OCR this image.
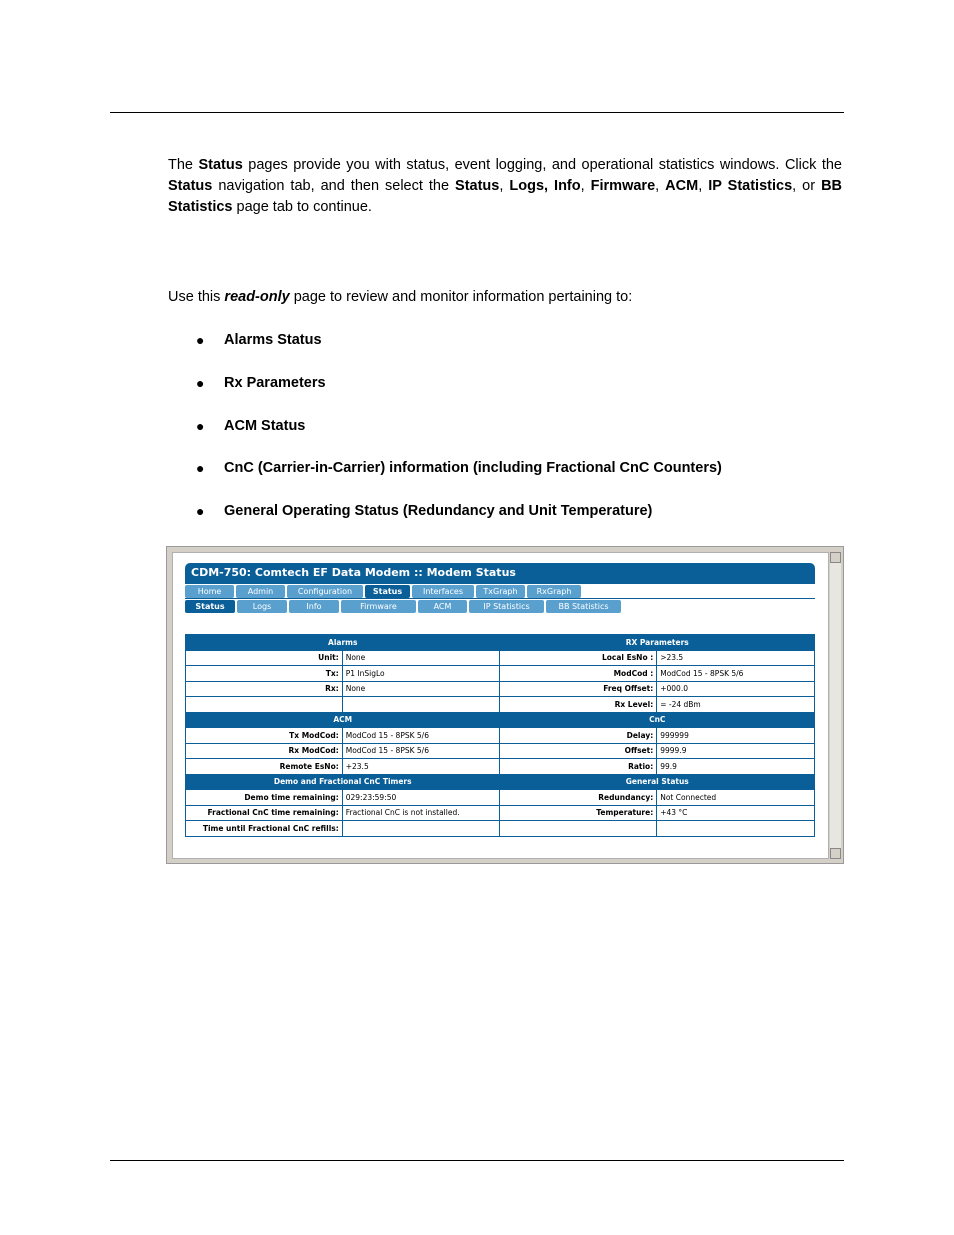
The Status pages provide you with status, event logging, and operational statistics windows. Click the Status navigation tab, and then select the Status, Logs, Info, Firmware, ACM, IP Statistics, or BB Statistics page tab to continue.

Use this read-only page to review and monitor information pertaining to:

● Alarms Status
● Rx Parameters
● ACM Status
● CnC (Carrier-in-Carrier) information (including Fractional CnC Counters)
● General Operating Status (Redundancy and Unit Temperature)
CDM-750: Comtech EF Data Modem :: Modem Status
Home	Admin	Configuration	Status	Interfaces	TxGraph	RxGraph
Status	Logs	Info	Firmware	ACM	IP Statistics	BB Statistics
Alarms		RX Parameters	
Unit:	None	Local EsNo :	>23.5
Tx:	P1 InSigLo	ModCod :	ModCod 15 - 8PSK 5/6
Rx:	None	Freq Offset:	+000.0
		Rx Level:	= -24 dBm
ACM		CnC	
Tx ModCod:	ModCod 15 - 8PSK 5/6	Delay:	999999
Rx ModCod:	ModCod 15 - 8PSK 5/6	Offset:	9999.9
Remote EsNo:	+23.5	Ratio:	99.9
Demo and Fractional CnC Timers		General Status	
Demo time remaining:	029:23:59:50	Redundancy:	Not Connected
Fractional CnC time remaining:	Fractional CnC is not installed.	Temperature:	+43 °C
Time until Fractional CnC refills:			
